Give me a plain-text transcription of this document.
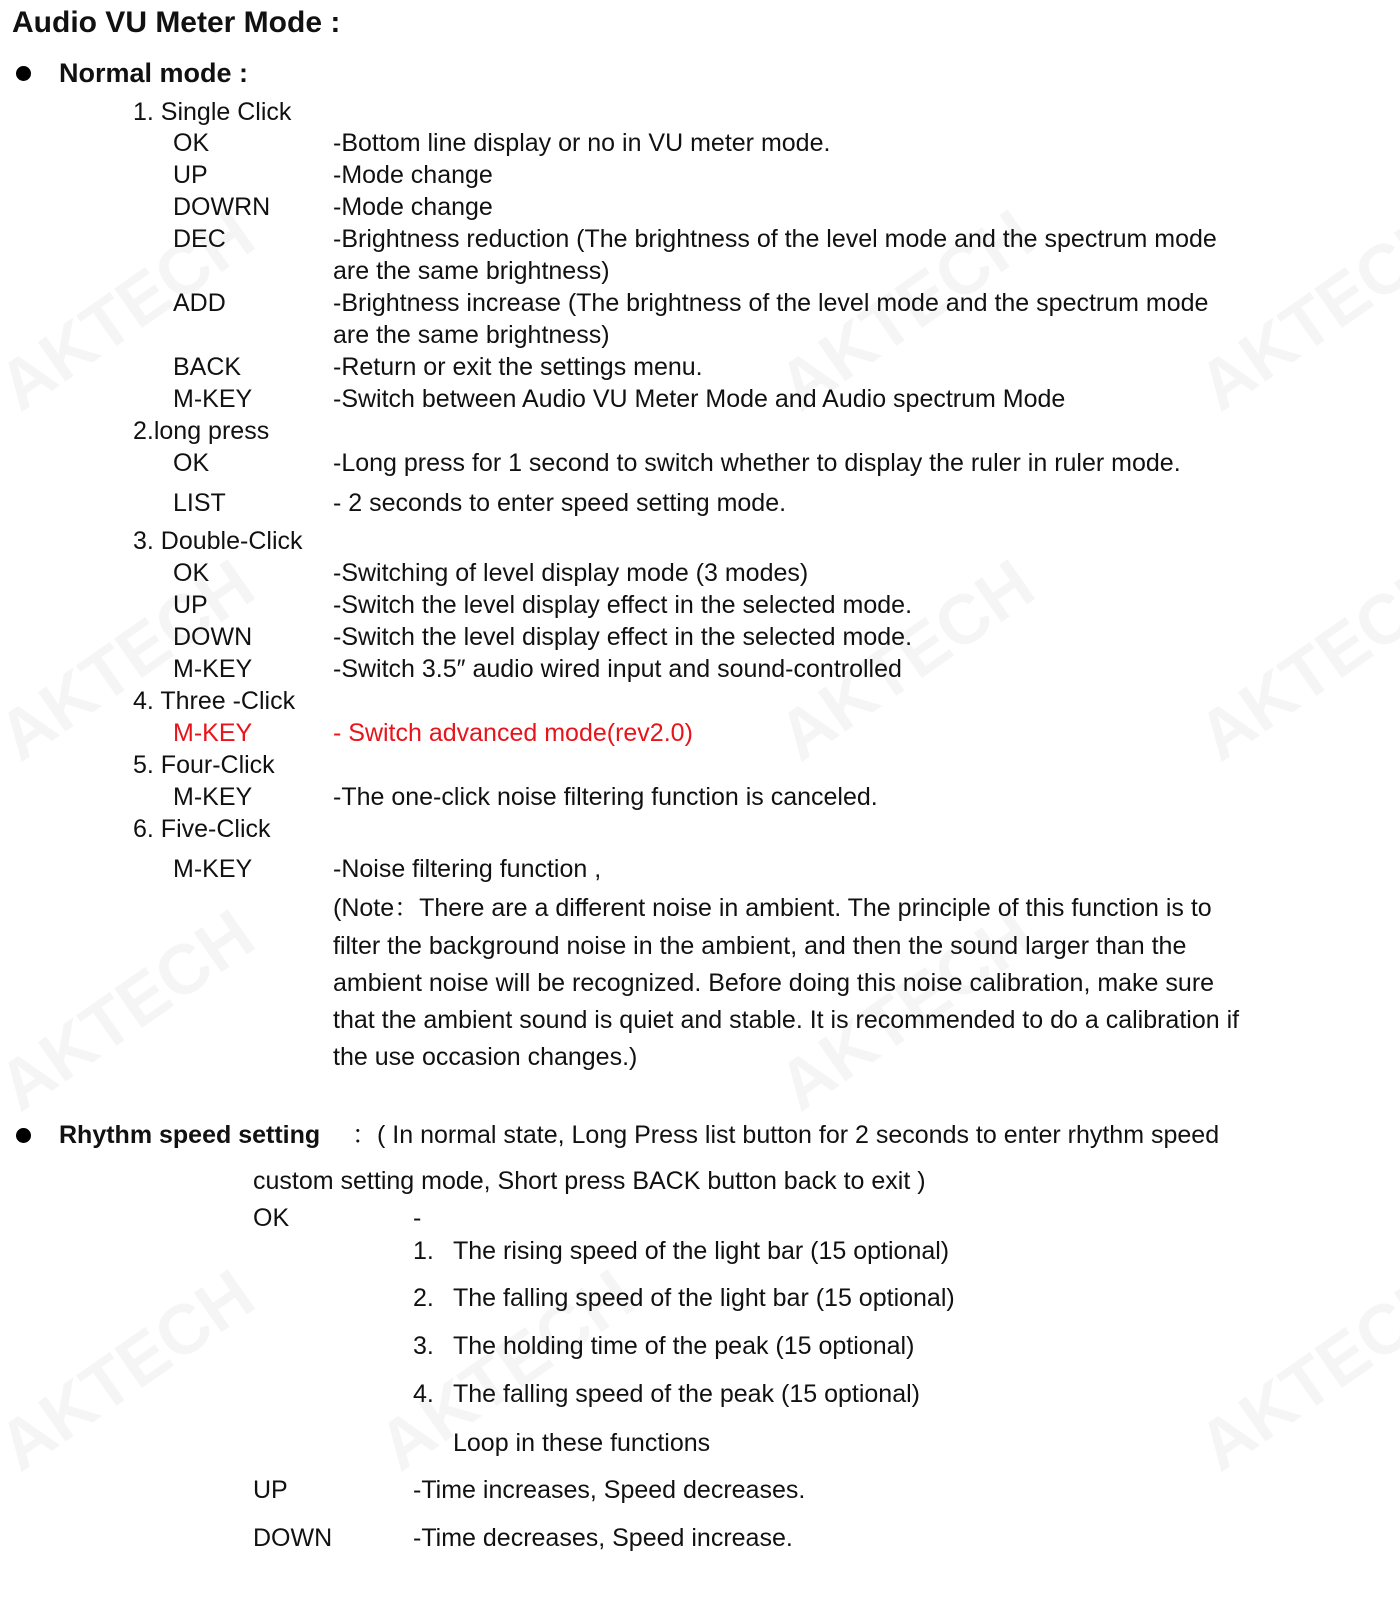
Audio VU Meter Mode :
Normal mode :
1. Single Click
OK	-Bottom line display or no in VU meter mode.
UP	-Mode change
DOWRN	-Mode change
DEC	-Brightness reduction (The brightness of the level mode and the spectrum mode
are the same brightness)
ADD	-Brightness increase (The brightness of the level mode and the spectrum mode
are the same brightness)
BACK	-Return or exit the settings menu.
M-KEY	-Switch between Audio VU Meter Mode and Audio spectrum Mode
2.long press
OK	-Long press for 1 second to switch whether to display the ruler in ruler mode.
LIST	- 2 seconds to enter speed setting mode.
3. Double-Click
OK	-Switching of level display mode (3 modes)
UP	-Switch the level display effect in the selected mode.
DOWN	-Switch the level display effect in the selected mode.
M-KEY	-Switch 3.5″ audio wired input and sound-controlled
4. Three -Click
M-KEY	- Switch advanced mode(rev2.0)
5. Four-Click
M-KEY	-The one-click noise filtering function is canceled.
6. Five-Click
M-KEY	-Noise filtering function ,
(Note：There are a different noise in ambient. The principle of this function is to
filter the background noise in the ambient, and then the sound larger than the
ambient noise will be recognized. Before doing this noise calibration, make sure
that the ambient sound is quiet and stable. It is recommended to do a calibration if
the use occasion changes.)
Rhythm speed setting ：( In normal state, Long Press list button for 2 seconds to enter rhythm speed
custom setting mode, Short press BACK button back to exit )
OK	-
1. The rising speed of the light bar (15 optional)
2. The falling speed of the light bar (15 optional)
3. The holding time of the peak (15 optional)
4. The falling speed of the peak (15 optional)
Loop in these functions
UP	-Time increases, Speed decreases.
DOWN	-Time decreases, Speed increase.
